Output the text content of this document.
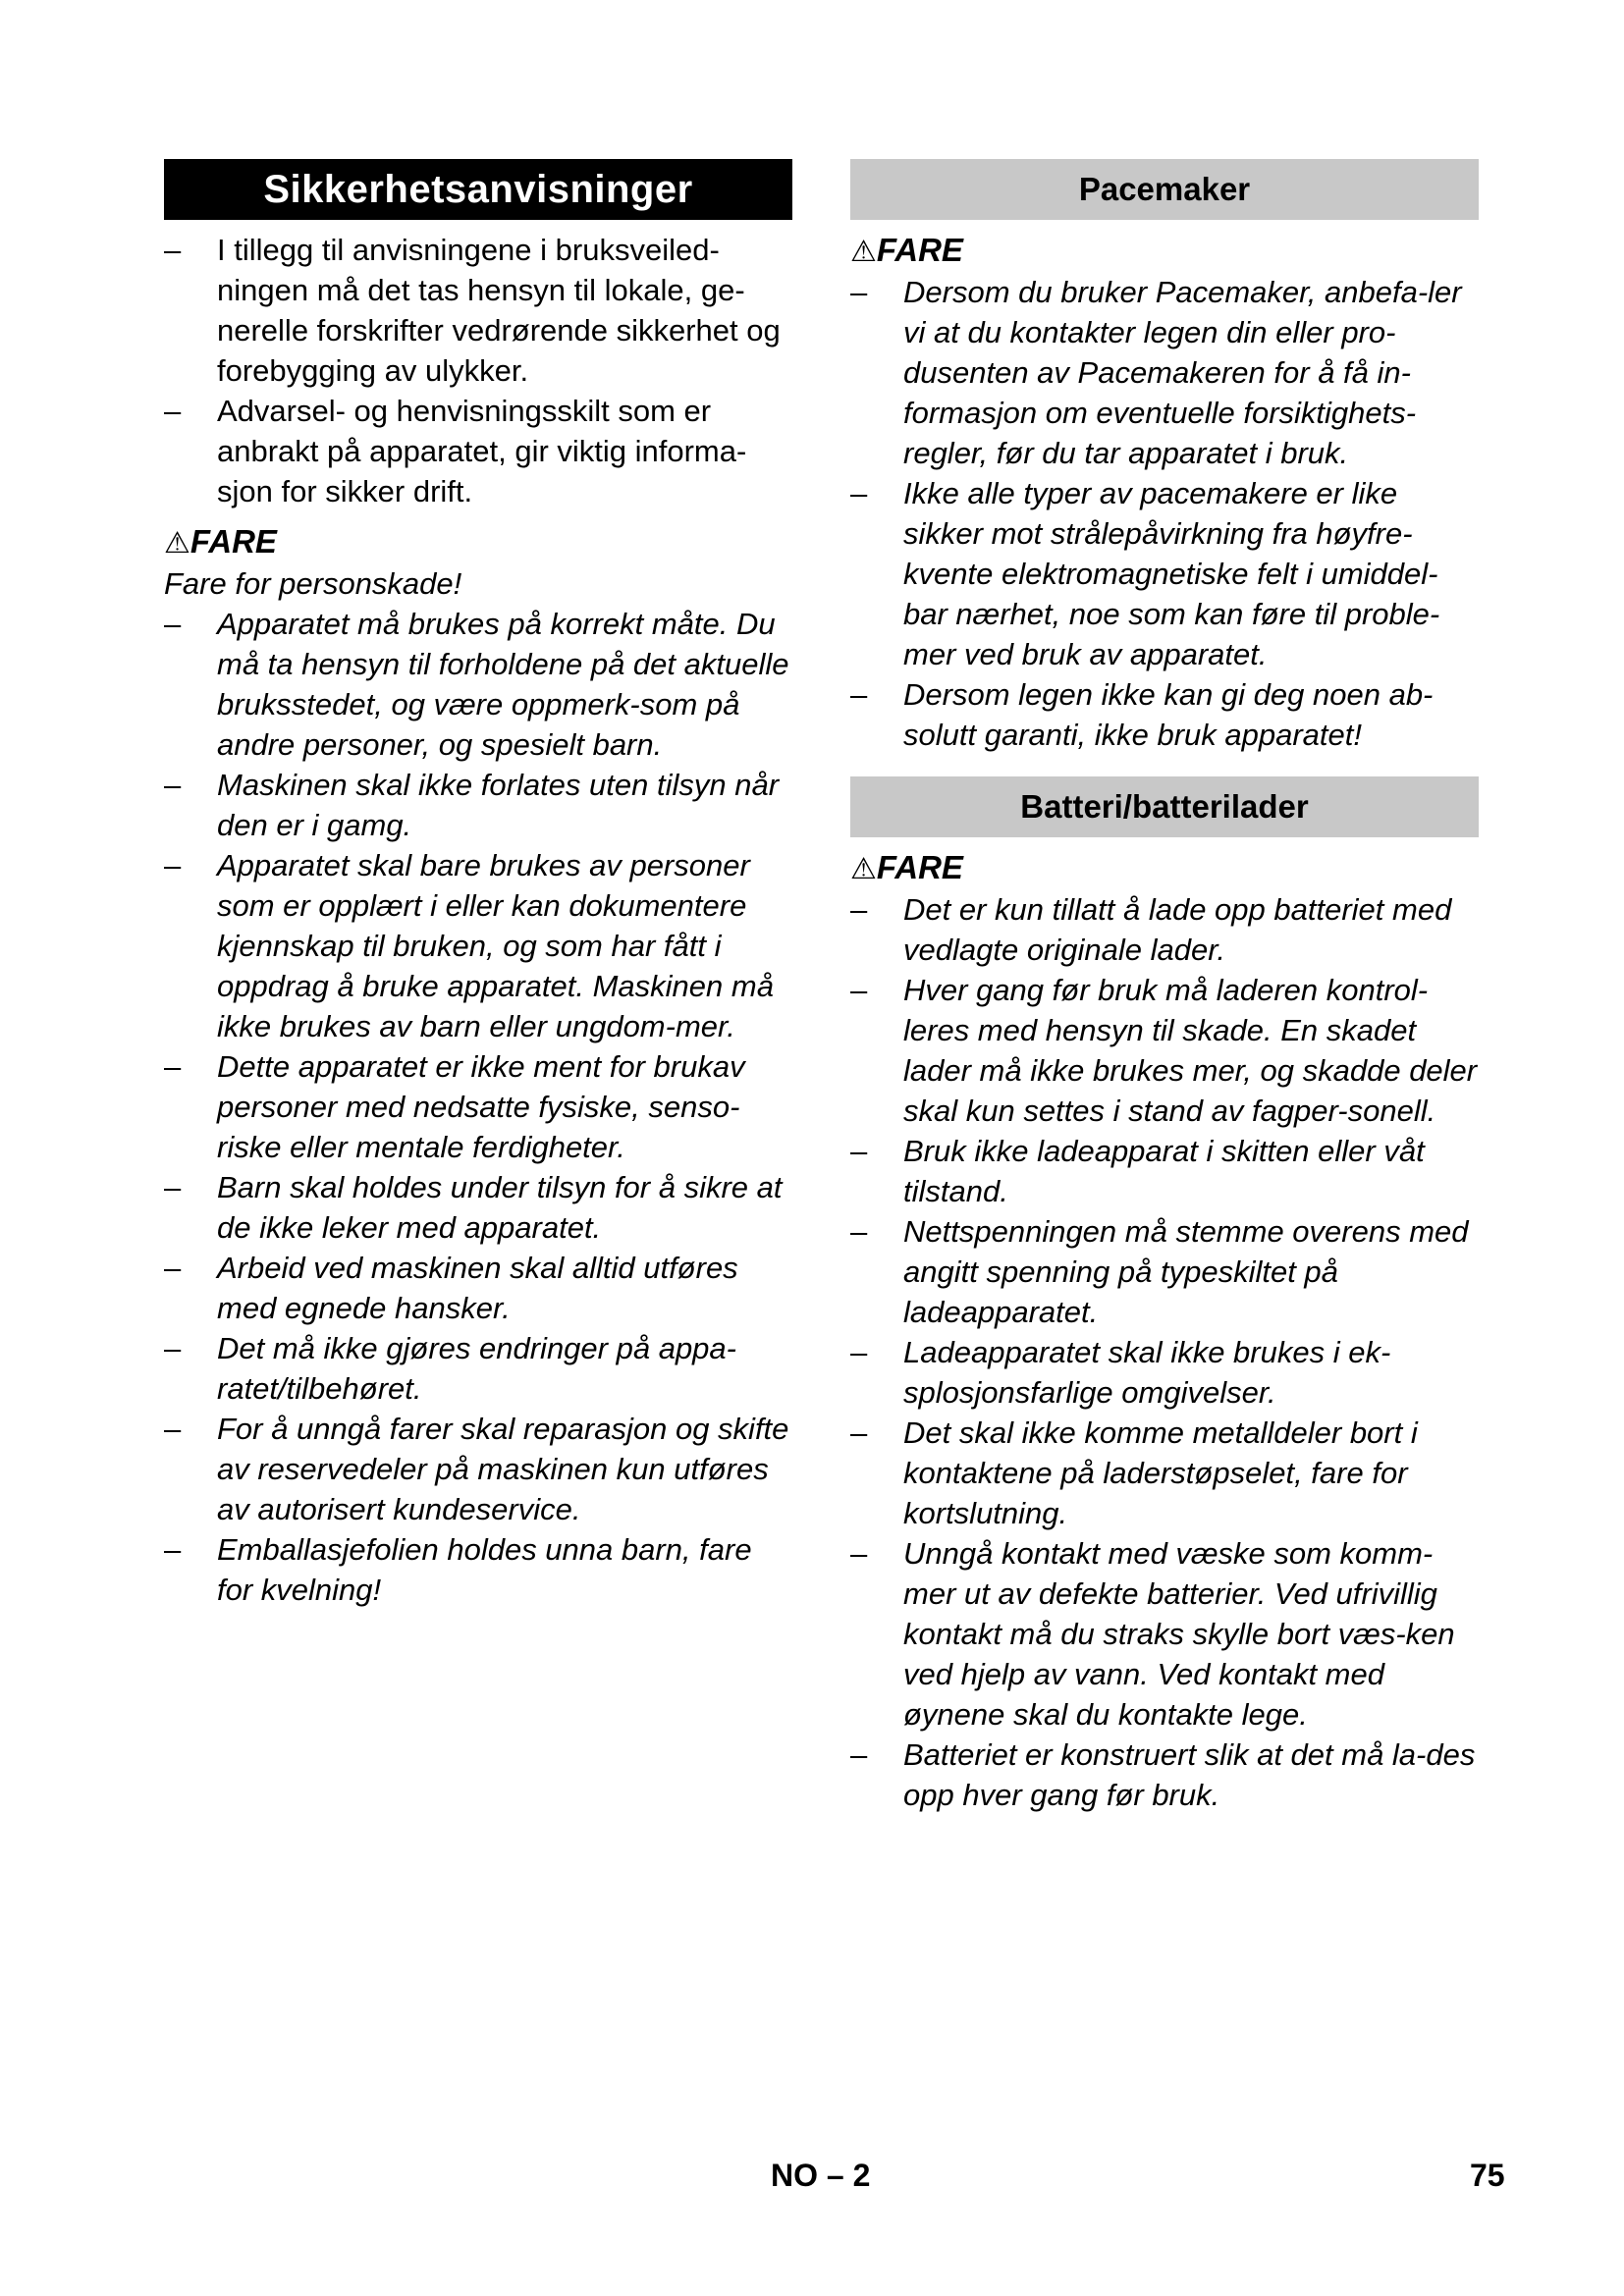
Sikkerhetsanvisninger
– I tillegg til anvisningene i bruksveiled-ningen må det tas hensyn til lokale, ge-nerelle forskrifter vedrørende sikkerhet og forebygging av ulykker.
– Advarsel- og henvisningsskilt som er anbrakt på apparatet, gir viktig informa-sjon for sikker drift.
⚠FARE
Fare for personskade!
– Apparatet må brukes på korrekt måte. Du må ta hensyn til forholdene på det aktuelle bruksstedet, og være oppmerk-som på andre personer, og spesielt barn.
– Maskinen skal ikke forlates uten tilsyn når den er i gamg.
– Apparatet skal bare brukes av personer som er opplært i eller kan dokumentere kjennskap til bruken, og som har fått i oppdrag å bruke apparatet. Maskinen må ikke brukes av barn eller ungdom-mer.
– Dette apparatet er ikke ment for brukav personer med nedsatte fysiske, senso-riske eller mentale ferdigheter.
– Barn skal holdes under tilsyn for å sikre at de ikke leker med apparatet.
– Arbeid ved maskinen skal alltid utføres med egnede hansker.
– Det må ikke gjøres endringer på appa-ratet/tilbehøret.
– For å unngå farer skal reparasjon og skifte av reservedeler på maskinen kun utføres av autorisert kundeservice.
– Emballasjefolien holdes unna barn, fare for kvelning!
Pacemaker
⚠FARE
– Dersom du bruker Pacemaker, anbefa-ler vi at du kontakter legen din eller pro-dusenten av Pacemakeren for å få in-formasjon om eventuelle forsiktighets-regler, før du tar apparatet i bruk.
– Ikke alle typer av pacemakere er like sikker mot strålepåvirkning fra høyfre-kvente elektromagnetiske felt i umiddel-bar nærhet, noe som kan føre til proble-mer ved bruk av apparatet.
– Dersom legen ikke kan gi deg noen ab-solutt garanti, ikke bruk apparatet!
Batteri/batterilader
⚠FARE
– Det er kun tillatt å lade opp batteriet med vedlagte originale lader.
– Hver gang før bruk må laderen kontrol-leres med hensyn til skade. En skadet lader må ikke brukes mer, og skadde deler skal kun settes i stand av fagper-sonell.
– Bruk ikke ladeapparat i skitten eller våt tilstand.
– Nettspenningen må stemme overens med angitt spenning på typeskiltet på ladeapparatet.
– Ladeapparatet skal ikke brukes i ek-splosjonsfarlige omgivelser.
– Det skal ikke komme metalldeler bort i kontaktene på laderstøpselet, fare for kortslutning.
– Unngå kontakt med væske som komm-mer ut av defekte batterier. Ved ufrivillig kontakt må du straks skylle bort væs-ken ved hjelp av vann. Ved kontakt med øynene skal du kontakte lege.
– Batteriet er konstruert slik at det må la-des opp hver gang før bruk.
NO – 2	75
